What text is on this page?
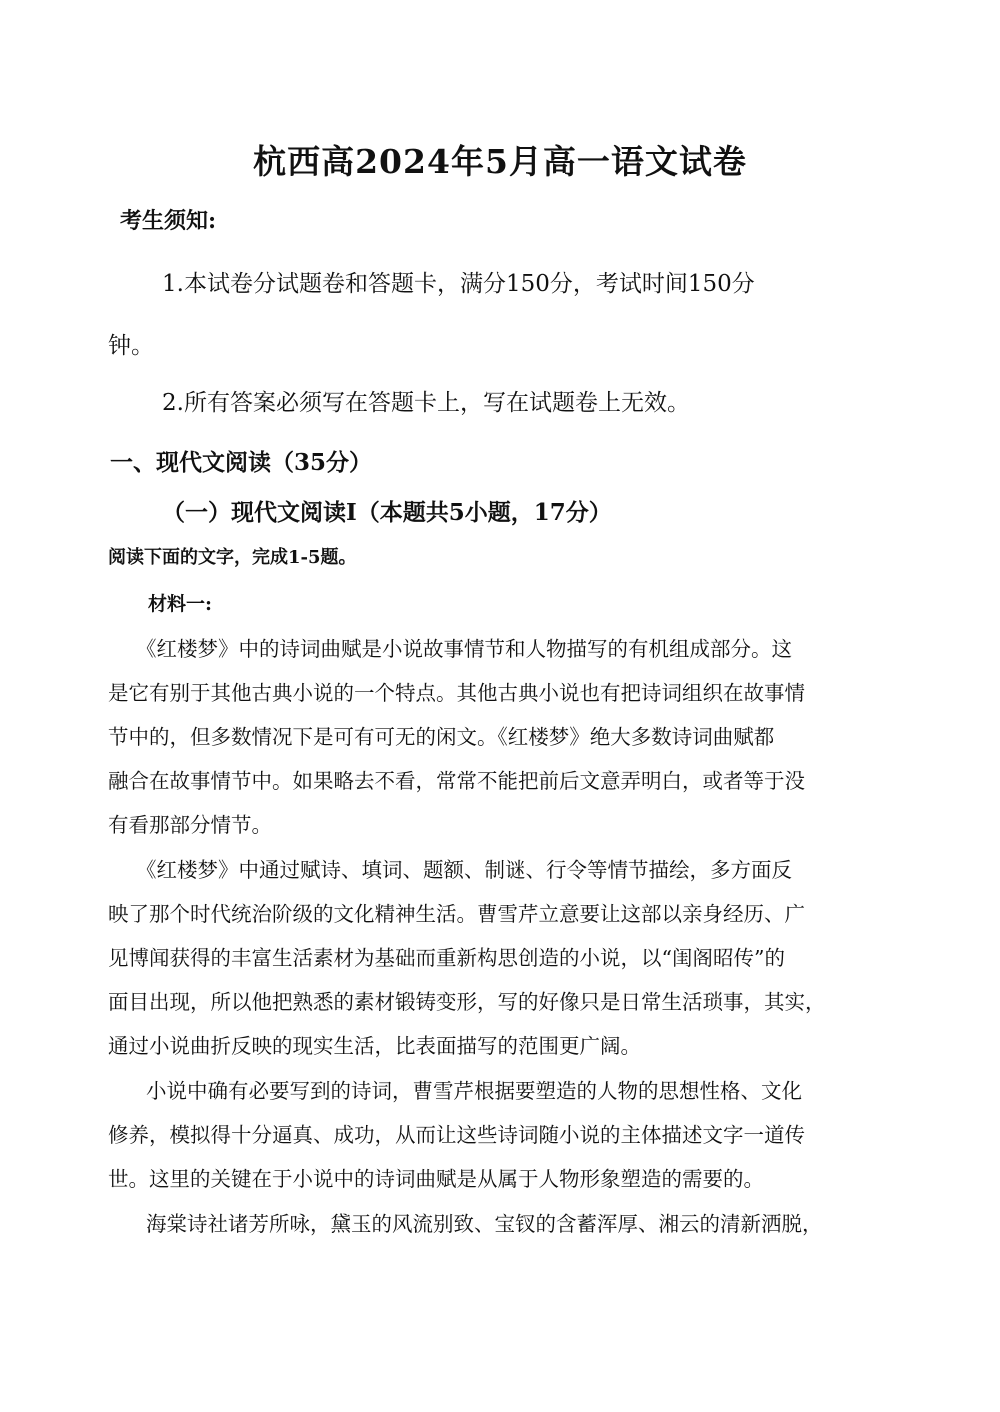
杭西高2024年5月高一语文试卷
考生须知:
1.本试卷分试题卷和答题卡，满分150分，考试时间150分
钟。
2.所有答案必须写在答题卡上，写在试题卷上无效。
一、现代文阅读（35分）
（一）现代文阅读Ⅰ（本题共5小题，17分）
阅读下面的文字，完成1-5题。
材料一:
《红楼梦》中的诗词曲赋是小说故事情节和人物描写的有机组成部分。这
是它有别于其他古典小说的一个特点。其他古典小说也有把诗词组织在故事情
节中的，但多数情况下是可有可无的闲文。《红楼梦》绝大多数诗词曲赋都
融合在故事情节中。如果略去不看，常常不能把前后文意弄明白，或者等于没
有看那部分情节。
《红楼梦》中通过赋诗、填词、题额、制谜、行令等情节描绘，多方面反
映了那个时代统治阶级的文化精神生活。曹雪芹立意要让这部以亲身经历、广
见博闻获得的丰富生活素材为基础而重新构思创造的小说，以“闺阁昭传”的
面目出现，所以他把熟悉的素材锻铸变形，写的好像只是日常生活琐事，其实，
通过小说曲折反映的现实生活，比表面描写的范围更广阔。
小说中确有必要写到的诗词，曹雪芹根据要塑造的人物的思想性格、文化
修养，模拟得十分逼真、成功，从而让这些诗词随小说的主体描述文字一道传
世。这里的关键在于小说中的诗词曲赋是从属于人物形象塑造的需要的。
海棠诗社诸芳所咏，黛玉的风流别致、宝钗的含蓄浑厚、湘云的清新洒脱，
